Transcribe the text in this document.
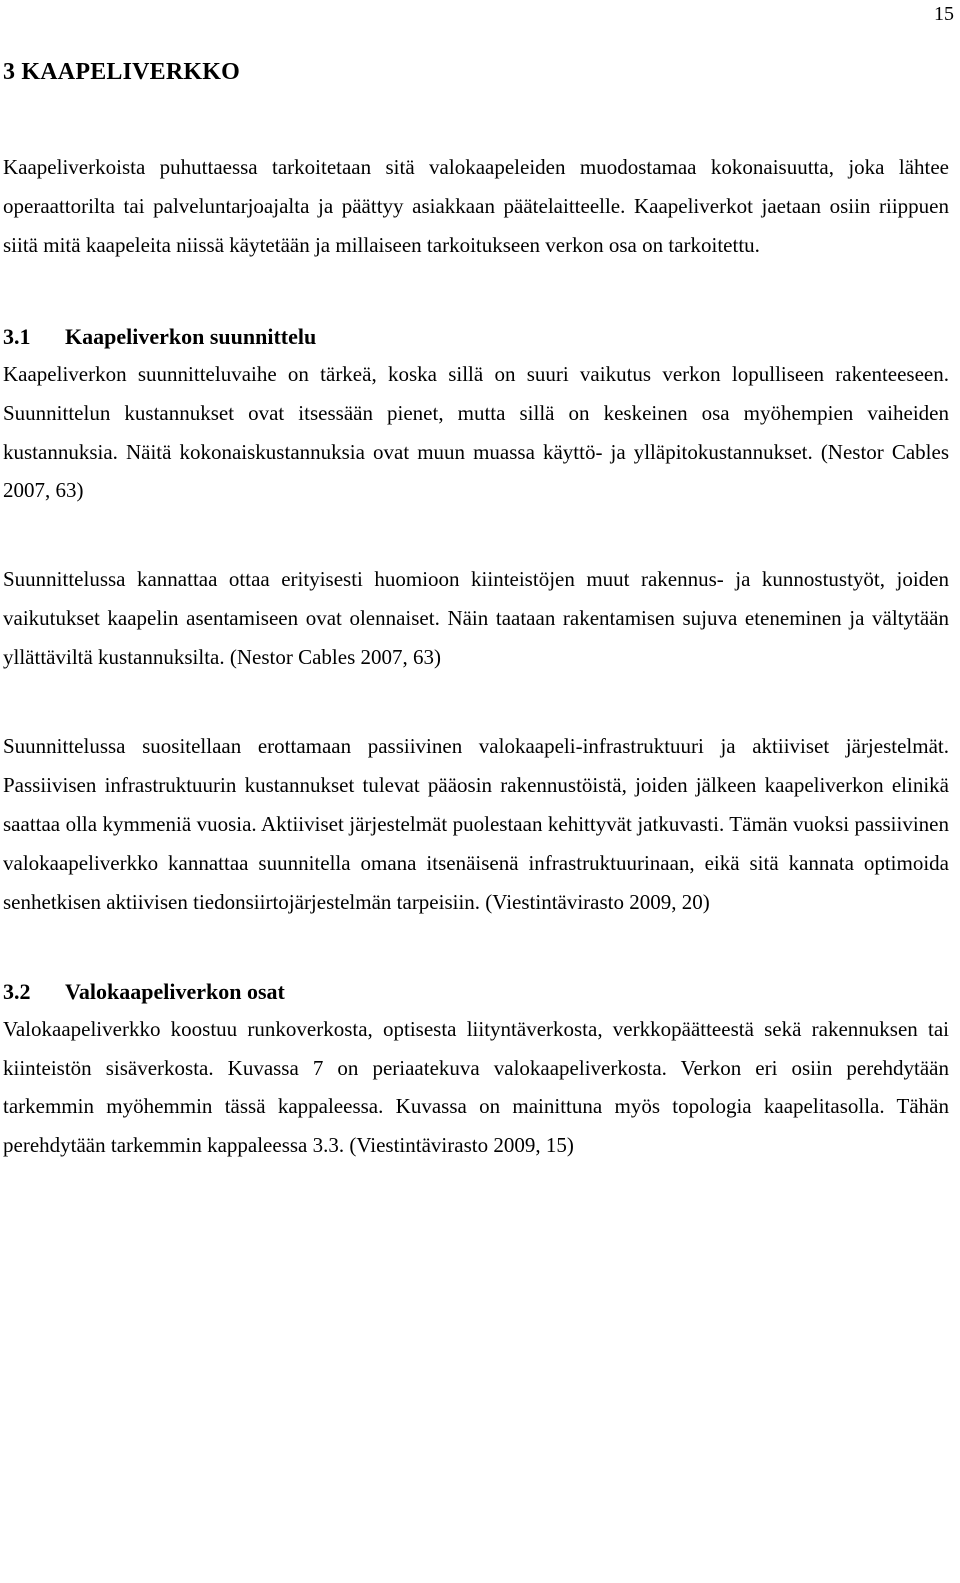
15
3 KAAPELIVERKKO

Kaapeliverkoista puhuttaessa tarkoitetaan sitä valokaapeleiden muodostamaa kokonaisuutta, joka lähtee operaattorilta tai palveluntarjoajalta ja päättyy asiakkaan päätelaitteelle. Kaapeliverkot jaetaan osiin riippuen siitä mitä kaapeleita niissä käytetään ja millaiseen tarkoitukseen verkon osa on tarkoitettu.

3.1	Kaapeliverkon suunnittelu

Kaapeliverkon suunnitteluvaihe on tärkeä, koska sillä on suuri vaikutus verkon lopulliseen rakenteeseen. Suunnittelun kustannukset ovat itsessään pienet, mutta sillä on keskeinen osa myöhempien vaiheiden kustannuksia. Näitä kokonaiskustannuksia ovat muun muassa käyttö- ja ylläpitokustannukset. (Nestor Cables 2007, 63)

Suunnittelussa kannattaa ottaa erityisesti huomioon kiinteistöjen muut rakennus- ja kunnostustyöt, joiden vaikutukset kaapelin asentamiseen ovat olennaiset. Näin taataan rakentamisen sujuva eteneminen ja vältytään yllättäviltä kustannuksilta. (Nestor Cables 2007, 63)

Suunnittelussa suositellaan erottamaan passiivinen valokaapeli-infrastruktuuri ja aktiiviset järjestelmät. Passiivisen infrastruktuurin kustannukset tulevat pääosin rakennustöistä, joiden jälkeen kaapeliverkon elinikä saattaa olla kymmeniä vuosia. Aktiiviset järjestelmät puolestaan kehittyvät jatkuvasti. Tämän vuoksi passiivinen valokaapeliverkko kannattaa suunnitella omana itsenäisenä infrastruktuurinaan, eikä sitä kannata optimoida senhetkisen aktiivisen tiedonsiirtojärjestelmän tarpeisiin. (Viestintävirasto 2009, 20)

3.2	Valokaapeliverkon osat

Valokaapeliverkko koostuu runkoverkosta, optisesta liityntäverkosta, verkkopäätteestä sekä rakennuksen tai kiinteistön sisäverkosta. Kuvassa 7 on periaatekuva valokaapeliverkosta. Verkon eri osiin perehdytään tarkemmin myöhemmin tässä kappaleessa. Kuvassa on mainittuna myös topologia kaapelitasolla. Tähän perehdytään tarkemmin kappaleessa 3.3. (Viestintävirasto 2009, 15)
